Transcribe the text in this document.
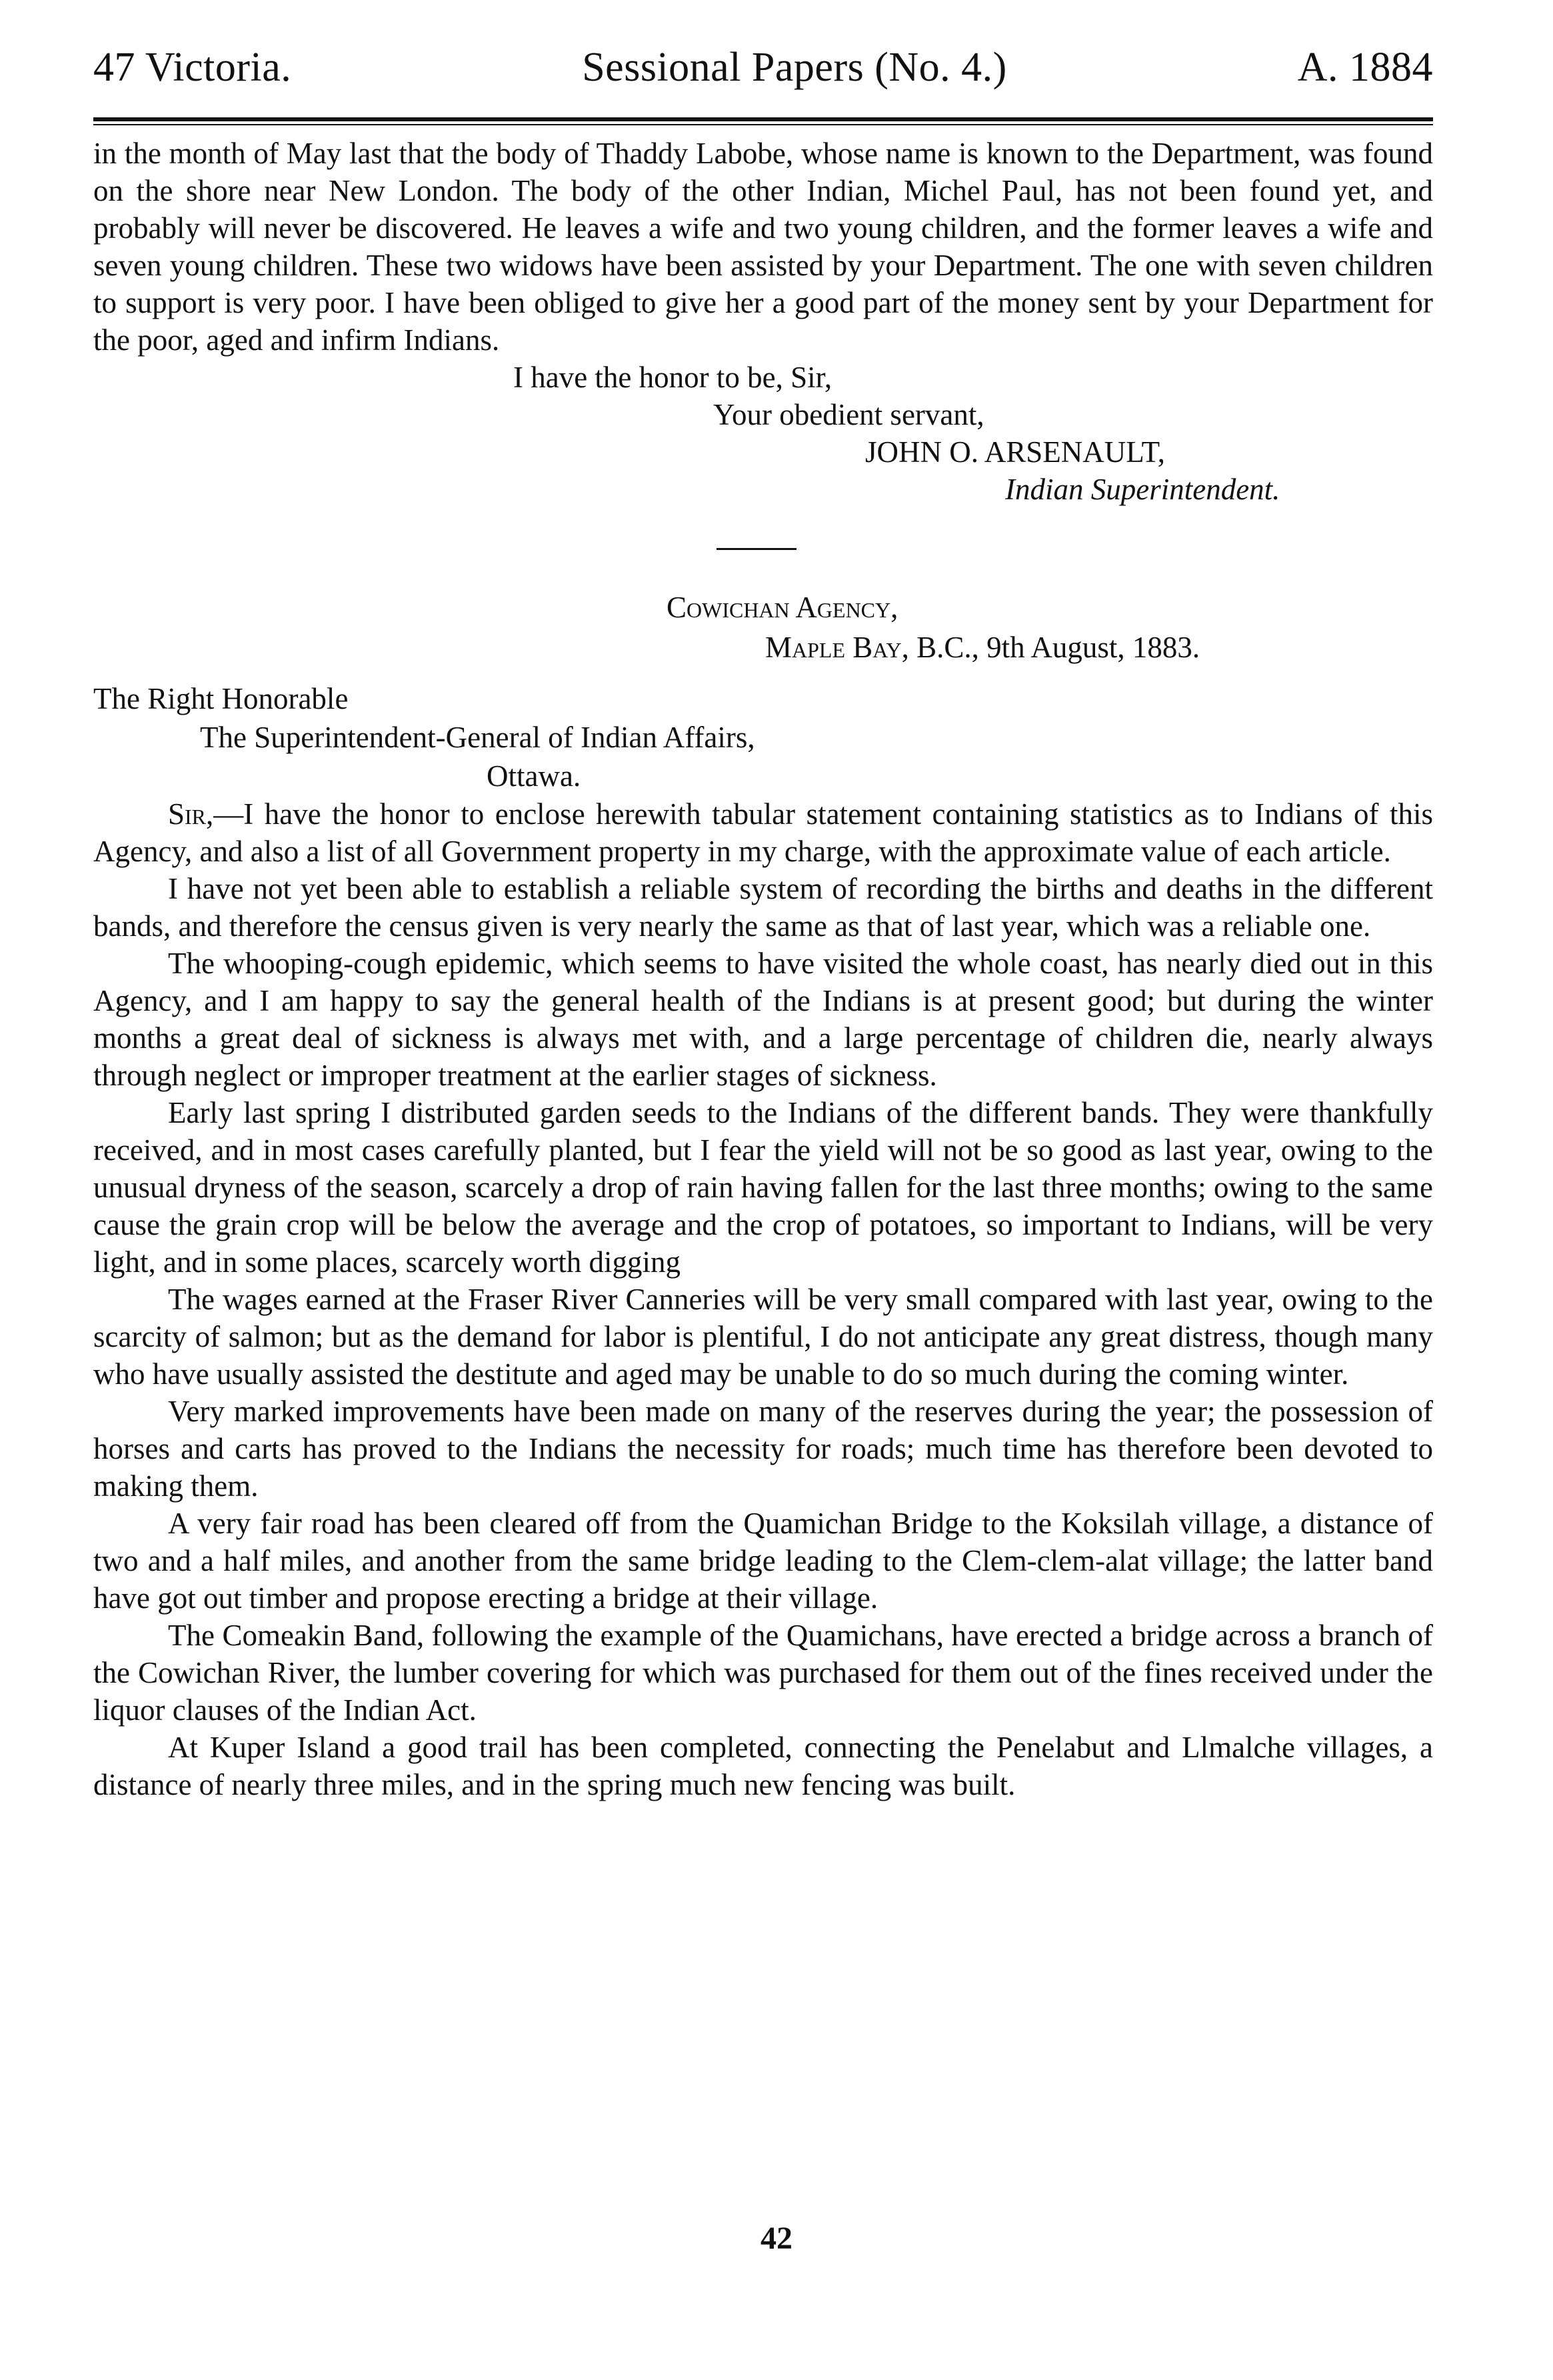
47 Victoria.	Sessional Papers (No. 4.)	A. 1884

in the month of May last that the body of Thaddy Labobe, whose name is known to the Department, was found on the shore near New London. The body of the other Indian, Michel Paul, has not been found yet, and probably will never be discovered. He leaves a wife and two young children, and the former leaves a wife and seven young children. These two widows have been assisted by your Department. The one with seven children to support is very poor. I have been obliged to give her a good part of the money sent by your Department for the poor, aged and infirm Indians.

I have the honor to be, Sir,
Your obedient servant,
JOHN O. ARSENAULT,
Indian Superintendent.
Cowichan Agency,
Maple Bay, B.C., 9th August, 1883.
The Right Honorable
The Superintendent-General of Indian Affairs,
Ottawa.

Sir,—I have the honor to enclose herewith tabular statement containing statistics as to Indians of this Agency, and also a list of all Government property in my charge, with the approximate value of each article.

I have not yet been able to establish a reliable system of recording the births and deaths in the different bands, and therefore the census given is very nearly the same as that of last year, which was a reliable one.

The whooping-cough epidemic, which seems to have visited the whole coast, has nearly died out in this Agency, and I am happy to say the general health of the Indians is at present good; but during the winter months a great deal of sickness is always met with, and a large percentage of children die, nearly always through neglect or improper treatment at the earlier stages of sickness.

Early last spring I distributed garden seeds to the Indians of the different bands. They were thankfully received, and in most cases carefully planted, but I fear the yield will not be so good as last year, owing to the unusual dryness of the season, scarcely a drop of rain having fallen for the last three months; owing to the same cause the grain crop will be below the average and the crop of potatoes, so important to Indians, will be very light, and in some places, scarcely worth digging

The wages earned at the Fraser River Canneries will be very small compared with last year, owing to the scarcity of salmon; but as the demand for labor is plentiful, I do not anticipate any great distress, though many who have usually assisted the destitute and aged may be unable to do so much during the coming winter.

Very marked improvements have been made on many of the reserves during the year; the possession of horses and carts has proved to the Indians the necessity for roads; much time has therefore been devoted to making them.

A very fair road has been cleared off from the Quamichan Bridge to the Koksilah village, a distance of two and a half miles, and another from the same bridge leading to the Clem-clem-alat village; the latter band have got out timber and propose erecting a bridge at their village.

The Comeakin Band, following the example of the Quamichans, have erected a bridge across a branch of the Cowichan River, the lumber covering for which was purchased for them out of the fines received under the liquor clauses of the Indian Act.

At Kuper Island a good trail has been completed, connecting the Penelabut and Llmalche villages, a distance of nearly three miles, and in the spring much new fencing was built.

42
